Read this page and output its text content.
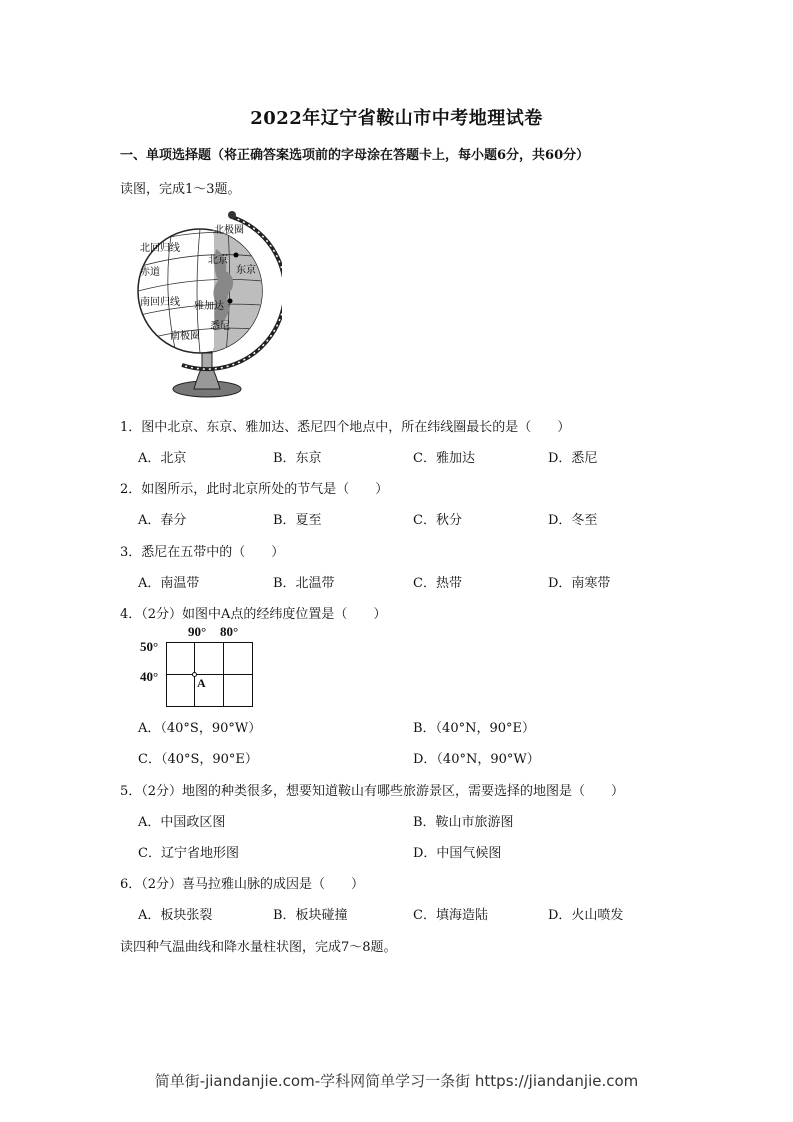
2022年辽宁省鞍山市中考地理试卷
一、单项选择题（将正确答案选项前的字母涂在答题卡上，每小题6分，共60分）
读图，完成1～3题。
北极圈
北回归线
北京
东京
赤道
南回归线 雅加达
悉尼
南极圈
1．图中北京、东京、雅加达、悉尼四个地点中，所在纬线圈最长的是（　　）
A．北京	B．东京	C．雅加达	D．悉尼
2．如图所示，此时北京所处的节气是（　　）
A．春分	B．夏至	C．秋分	D．冬至
3．悉尼在五带中的（　　）
A．南温带	B．北温带	C．热带	D．南寒带
4．（2分）如图中A点的经纬度位置是（　　）
90° 80°
50°
40°	A
A．（40°S，90°W）	B．（40°N，90°E）
C．（40°S，90°E）	D．（40°N，90°W）
5．（2分）地图的种类很多，想要知道鞍山有哪些旅游景区，需要选择的地图是（　　）
A．中国政区图	B．鞍山市旅游图
C．辽宁省地形图	D．中国气候图
6．（2分）喜马拉雅山脉的成因是（　　）
A．板块张裂	B．板块碰撞	C．填海造陆	D．火山喷发
读四种气温曲线和降水量柱状图，完成7～8题。
简单街-jiandanjie.com-学科网简单学习一条街 https://jiandanjie.com
